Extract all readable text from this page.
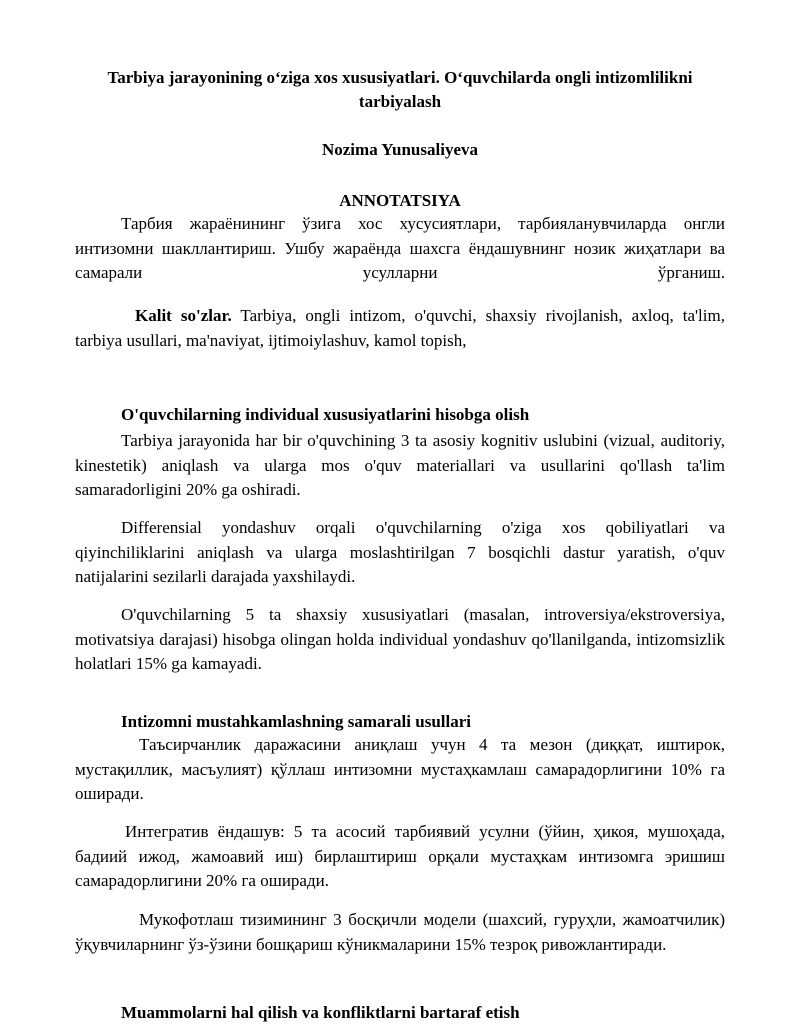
Tarbiya jarayonining o‘ziga xos xususiyatlari. O‘quvchilarda ongli intizomlilikni tarbiyalash
Nozima Yunusaliyeva
ANNOTATSIYA

Тарбия жараёнининг ўзига хос хусусиятлари, тарбияланувчиларда онгли интизомни шакллантириш. Ушбу жараёнда шахсга ёндашувнинг нозик жиҳатлари ва самарали усулларни ўрганиш.

Kalit so'zlar. Tarbiya, ongli intizom, o'quvchi, shaxsiy rivojlanish, axloq, ta'lim, tarbiya usullari, ma'naviyat, ijtimoiylashuv, kamol topish,

O'quvchilarning individual xususiyatlarini hisobga olish

Tarbiya jarayonida har bir o'quvchining 3 ta asosiy kognitiv uslubini (vizual, auditoriy, kinestetik) aniqlash va ularga mos o'quv materiallari va usullarini qo'llash ta'lim samaradorligini 20% ga oshiradi.

Differensial yondashuv orqali o'quvchilarning o'ziga xos qobiliyatlari va qiyinchiliklarini aniqlash va ularga moslashtirilgan 7 bosqichli dastur yaratish, o'quv natijalarini sezilarli darajada yaxshilaydi.

O'quvchilarning 5 ta shaxsiy xususiyatlari (masalan, introversiya/ekstroversiya, motivatsiya darajasi) hisobga olingan holda individual yondashuv qo'llanilganda, intizomsizlik holatlari 15% ga kamayadi.

Intizomni mustahkamlashning samarali usullari

Таъсирчанлик даражасини аниқлаш учун 4 та мезон (диққат, иштирок, мустақиллик, масъулият) қўллаш интизомни мустаҳкамлаш самарадорлигини 10% га оширади.

Интегратив ёндашув: 5 та асосий тарбиявий усулни (ўйин, ҳикоя, мушоҳада, бадиий ижод, жамоавий иш) бирлаштириш орқали мустаҳкам интизомга эришиш самарадорлигини 20% га оширади.

Мукофотлаш тизимининг 3 босқичли модели (шахсий, гуруҳли, жамоатчилик) ўқувчиларнинг ўз-ўзини бошқариш кўникмаларини 15% тезроқ ривожлантиради.

Muammolarni hal qilish va konfliktlarni bartaraf etish
